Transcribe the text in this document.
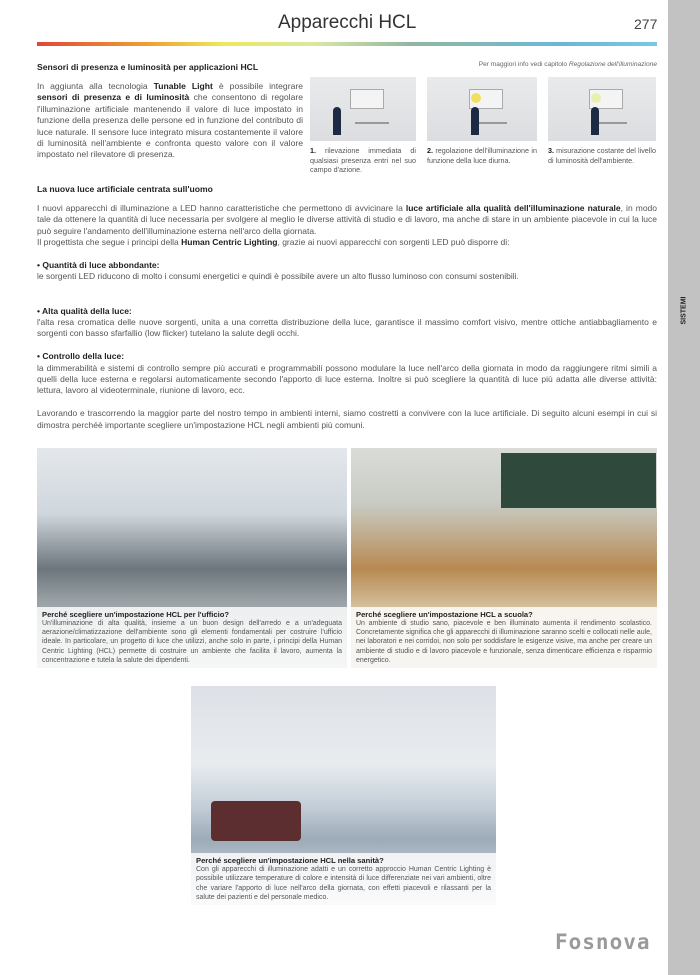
SISTEMI
Apparecchi HCL	277
Sensori di presenza e luminosità per applicazioni HCL	Per maggiori info vedi capitolo Regolazione dell'illuminazione
In aggiunta alla tecnologia Tunable Light è possibile integrare sensori di presenza e di luminosità che consentono di regolare l'illuminazione artificiale mantenendo il valore di luce impostato in funzione della presenza delle persone ed in funzione del contributo di luce naturale. Il sensore luce integrato misura costantemente il valore di luminosità nell'ambiente e confronta questo valore con il valore impostato nel rilevatore di presenza.	1. rilevazione immediata di qualsiasi presenza entri nel suo campo d'azione.
2. regolazione dell'illuminazione in funzione della luce diurna.
3. misurazione costante del livello di luminosità dell'ambiente.
La nuova luce artificiale centrata sull'uomo

I nuovi apparecchi di illuminazione a LED hanno caratteristiche che permettono di avvicinare la luce artificiale alla qualità dell'illuminazione naturale, in modo tale da ottenere la quantità di luce necessaria per svolgere al meglio le diverse attività di studio e di lavoro, ma anche di stare in un ambiente piacevole in cui la luce può seguire l'andamento dell'illuminazione esterna nell'arco della giornata.

Il progettista che segue i principi della Human Centric Lighting, grazie ai nuovi apparecchi con sorgenti LED può disporre di:

• Quantità di luce abbondante:

le sorgenti LED riducono di molto i consumi energetici e quindi è possibile avere un alto flusso luminoso con consumi sostenibili.

• Alta qualità della luce:

l'alta resa cromatica delle nuove sorgenti, unita a una corretta distribuzione della luce, garantisce il massimo comfort visivo, mentre ottiche antiabbagliamento e sorgenti con basso sfarfallio (low flicker) tutelano la salute degli occhi.

• Controllo della luce:

la dimmerabilità e sistemi di controllo sempre più accurati e programmabili possono modulare la luce nell'arco della giornata in modo da raggiungere ritmi simili a quelli della luce esterna e regolarsi automaticamente secondo l'apporto di luce esterna. Inoltre si può scegliere la quantità di luce più adatta alle diverse attività: lettura, lavoro al videoterminale, riunione di lavoro, ecc.

Lavorando e trascorrendo la maggior parte del nostro tempo in ambienti interni, siamo costretti a convivere con la luce artificiale. Di seguito alcuni esempi in cui si dimostra perchéè importante scegliere un'impostazione HCL negli ambienti più comuni.

Perché scegliere un'impostazione HCL per l'ufficio?
Un'illuminazione di alta qualità, insieme a un buon design dell'arredo e a un'adeguata aerazione/climatizzazione dell'ambiente sono gli elementi fondamentali per costruire l'ufficio ideale. In particolare, un progetto di luce che utilizzi, anche solo in parte, i principi della Human Centric Lighting (HCL) permette di costruire un ambiente che facilita il lavoro, aumenta la concentrazione e tutela la salute dei dipendenti.
Perché scegliere un'impostazione HCL a scuola?
Un ambiente di studio sano, piacevole e ben illuminato aumenta il rendimento scolastico. Concretamente significa che gli apparecchi di illuminazione saranno scelti e collocati nelle aule, nei laboratori e nei corridoi, non solo per soddisfare le esigenze visive, ma anche per creare un ambiente di studio e di lavoro piacevole e funzionale, senza dimenticare efficienza e risparmio energetico.
Perché scegliere un'impostazione HCL nella sanità?
Con gli apparecchi di illuminazione adatti e un corretto approccio Human Centric Lighting è possibile utilizzare temperature di colore e intensità di luce differenziate nei vari ambienti, oltre che variare l'apporto di luce nell'arco della giornata, con effetti piacevoli e rilassanti per la salute dei pazienti e del personale medico.
Fosnova
